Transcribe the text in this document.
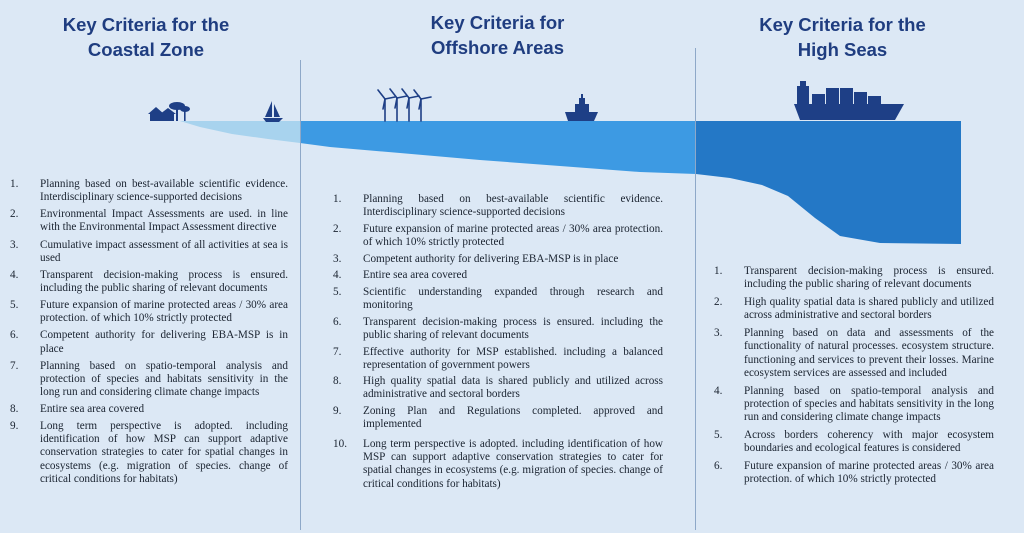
Key Criteria for the Coastal Zone
Key Criteria for Offshore Areas
Key Criteria for the High Seas
1. Planning based on best-available scientific evidence. Interdisciplinary science-supported decisions
2. Environmental Impact Assessments are used. in line with the Environmental Impact Assessment directive
3. Cumulative impact assessment of all activities at sea is used
4. Transparent decision-making process is ensured. including the public sharing of relevant documents
5. Future expansion of marine protected areas / 30% area protection. of which 10% strictly protected
6. Competent authority for delivering EBA-MSP is in place
7. Planning based on spatio-temporal analysis and protection of species and habitats sensitivity in the long run and considering climate change impacts
8. Entire sea area covered
9. Long term perspective is adopted. including identification of how MSP can support adaptive conservation strategies to cater for spatial changes in ecosystems (e.g. migration of species. change of critical conditions for habitats)
1. Planning based on best-available scientific evidence. Interdisciplinary science-supported decisions
2. Future expansion of marine protected areas / 30% area protection. of which 10% strictly protected
3. Competent authority for delivering EBA-MSP is in place
4. Entire sea area covered
5. Scientific understanding expanded through research and monitoring
6. Transparent decision-making process is ensured. including the public sharing of relevant documents
7. Effective authority for MSP established. including a balanced representation of government powers
8. High quality spatial data is shared publicly and utilized across administrative and sectoral borders
9. Zoning Plan and Regulations completed. approved and implemented
10. Long term perspective is adopted. including identification of how MSP can support adaptive conservation strategies to cater for spatial changes in ecosystems (e.g. migration of species. change of critical conditions for habitats)
1. Transparent decision-making process is ensured. including the public sharing of relevant documents
2. High quality spatial data is shared publicly and utilized across administrative and sectoral borders
3. Planning based on data and assessments of the functionality of natural processes. ecosystem structure. functioning and services to prevent their losses. Marine ecosystem services are assessed and included
4. Planning based on spatio-temporal analysis and protection of species and habitats sensitivity in the long run and considering climate change impacts
5. Across borders coherency with major ecosystem boundaries and ecological features is considered
6. Future expansion of marine protected areas / 30% area protection. of which 10% strictly protected
